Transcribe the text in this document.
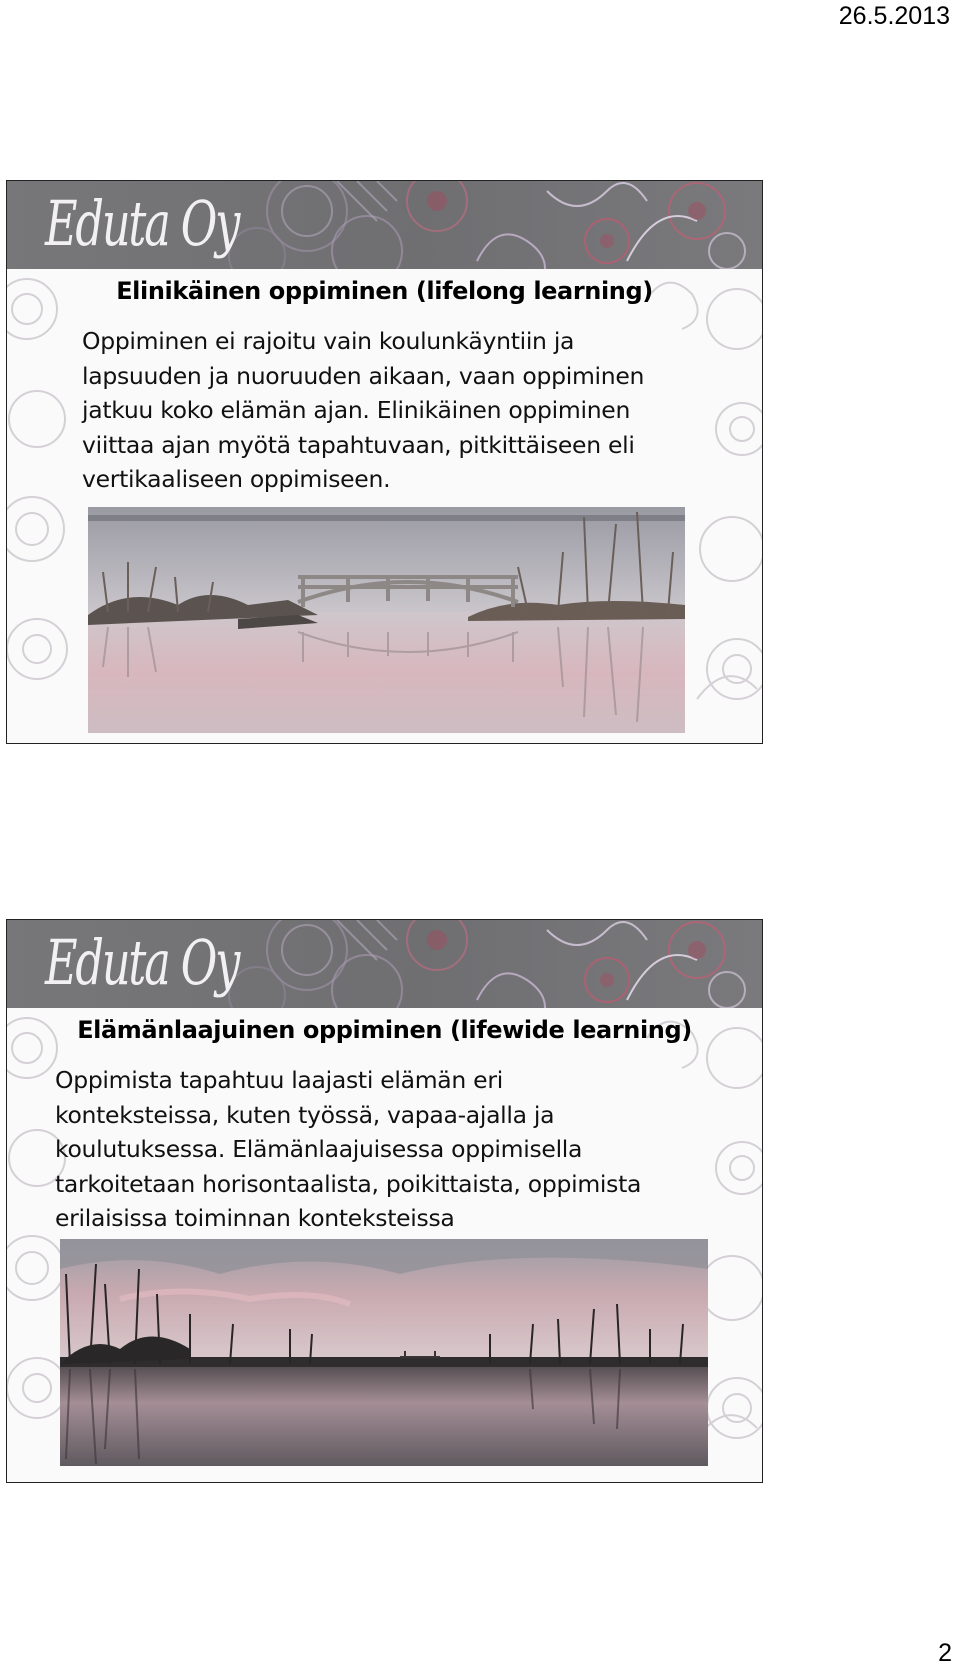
26.5.2013
Eduta Oy
Elinikäinen oppiminen (lifelong learning)
Oppiminen ei rajoitu vain koulunkäyntiin ja
lapsuuden ja nuoruuden aikaan, vaan oppiminen
jatkuu koko elämän ajan. Elinikäinen oppiminen
viittaa ajan myötä tapahtuvaan, pitkittäiseen eli
vertikaaliseen oppimiseen.
Eduta Oy
Elämänlaajuinen oppiminen (lifewide learning)
Oppimista tapahtuu laajasti elämän eri
konteksteissa, kuten työssä, vapaa-ajalla ja
koulutuksessa. Elämänlaajuisessa oppimisella
tarkoitetaan horisontaalista, poikittaista, oppimista
erilaisissa toiminnan konteksteissa
2
